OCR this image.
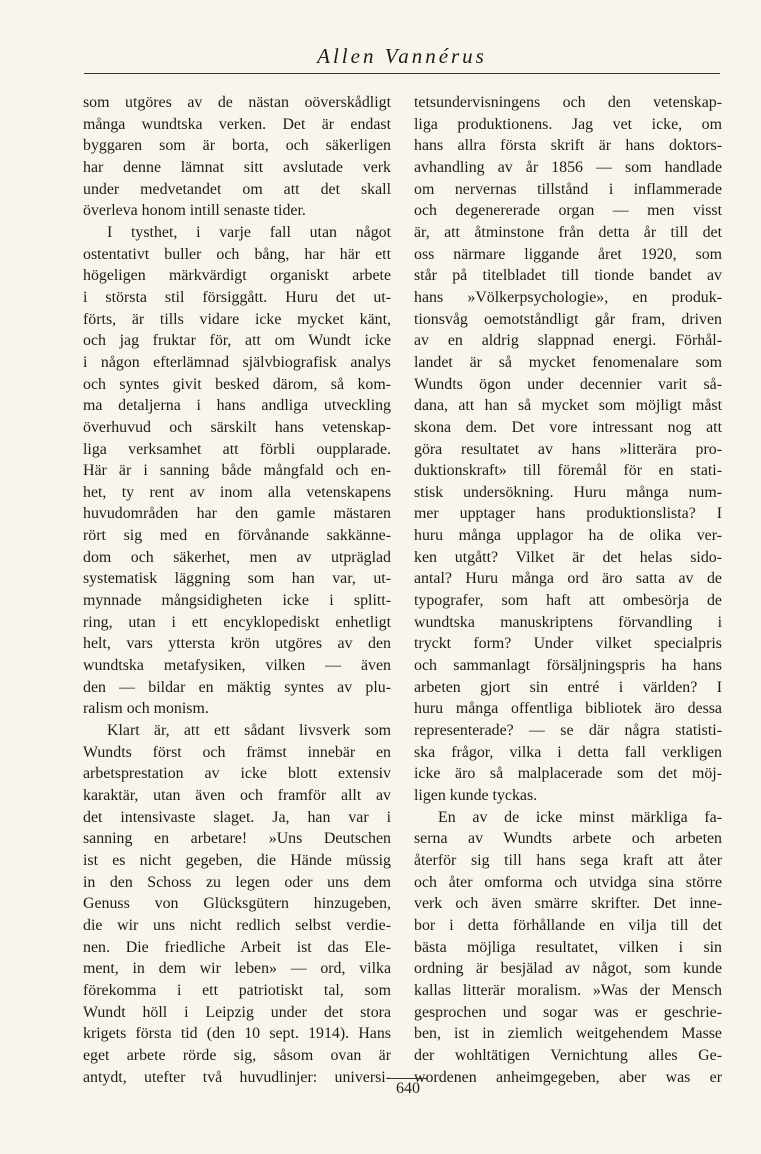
Allen Vannérus
som utgöres av de nästan oöverskådligt
många wundtska verken. Det är endast
byggaren som är borta, och säkerligen
har denne lämnat sitt avslutade verk
under medvetandet om att det skall
överleva honom intill senaste tider.
I tysthet, i varje fall utan något
ostentativt buller och bång, har här ett
högeligen märkvärdigt organiskt arbete
i största stil försiggått. Huru det ut-
förts, är tills vidare icke mycket känt,
och jag fruktar för, att om Wundt icke
i någon efterlämnad självbiografisk analys
och syntes givit besked därom, så kom-
ma detaljerna i hans andliga utveckling
överhuvud och särskilt hans vetenskap-
liga verksamhet att förbli oupplarade.
Här är i sanning både mångfald och en-
het, ty rent av inom alla vetenskapens
huvudområden har den gamle mästaren
rört sig med en förvånande sakkänne-
dom och säkerhet, men av utpräglad
systematisk läggning som han var, ut-
mynnade mångsidigheten icke i splitt-
ring, utan i ett encyklopediskt enhetligt
helt, vars yttersta krön utgöres av den
wundtska metafysiken, vilken — även
den — bildar en mäktig syntes av plu-
ralism och monism.
Klart är, att ett sådant livsverk som
Wundts först och främst innebär en
arbetsprestation av icke blott extensiv
karaktär, utan även och framför allt av
det intensivaste slaget. Ja, han var i
sanning en arbetare! »Uns Deutschen
ist es nicht gegeben, die Hände müssig
in den Schoss zu legen oder uns dem
Genuss von Glücksgütern hinzugeben,
die wir uns nicht redlich selbst verdie-
nen. Die friedliche Arbeit ist das Ele-
ment, in dem wir leben» — ord, vilka
förekomma i ett patriotiskt tal, som
Wundt höll i Leipzig under det stora
krigets första tid (den 10 sept. 1914). Hans
eget arbete rörde sig, såsom ovan är
antydt, utefter två huvudlinjer: universi-
tetsundervisningens och den vetenskap-
liga produktionens. Jag vet icke, om
hans allra första skrift är hans doktors-
avhandling av år 1856 — som handlade
om nervernas tillstånd i inflammerade
och degenererade organ — men visst
är, att åtminstone från detta år till det
oss närmare liggande året 1920, som
står på titelbladet till tionde bandet av
hans »Völkerpsychologie», en produk-
tionsvåg oemotståndligt går fram, driven
av en aldrig slappnad energi. Förhål-
landet är så mycket fenomenalare som
Wundts ögon under decennier varit så-
dana, att han så mycket som möjligt måst
skona dem. Det vore intressant nog att
göra resultatet av hans »litterära pro-
duktionskraft» till föremål för en stati-
stisk undersökning. Huru många num-
mer upptager hans produktionslista? I
huru många upplagor ha de olika ver-
ken utgått? Vilket är det helas sido-
antal? Huru många ord äro satta av de
typografer, som haft att ombesörja de
wundtska manuskriptens förvandling i
tryckt form? Under vilket specialpris
och sammanlagt försäljningspris ha hans
arbeten gjort sin entré i världen? I
huru många offentliga bibliotek äro dessa
representerade? — se där några statisti-
ska frågor, vilka i detta fall verkligen
icke äro så malplacerade som det möj-
ligen kunde tyckas.
En av de icke minst märkliga fa-
serna av Wundts arbete och arbeten
återför sig till hans sega kraft att åter
och åter omforma och utvidga sina större
verk och även smärre skrifter. Det inne-
bor i detta förhållande en vilja till det
bästa möjliga resultatet, vilken i sin
ordning är besjälad av något, som kunde
kallas litterär moralism. »Was der Mensch
gesprochen und sogar was er geschrie-
ben, ist in ziemlich weitgehendem Masse
der wohltätigen Vernichtung alles Ge-
wordenen anheimgegeben, aber was er
640
